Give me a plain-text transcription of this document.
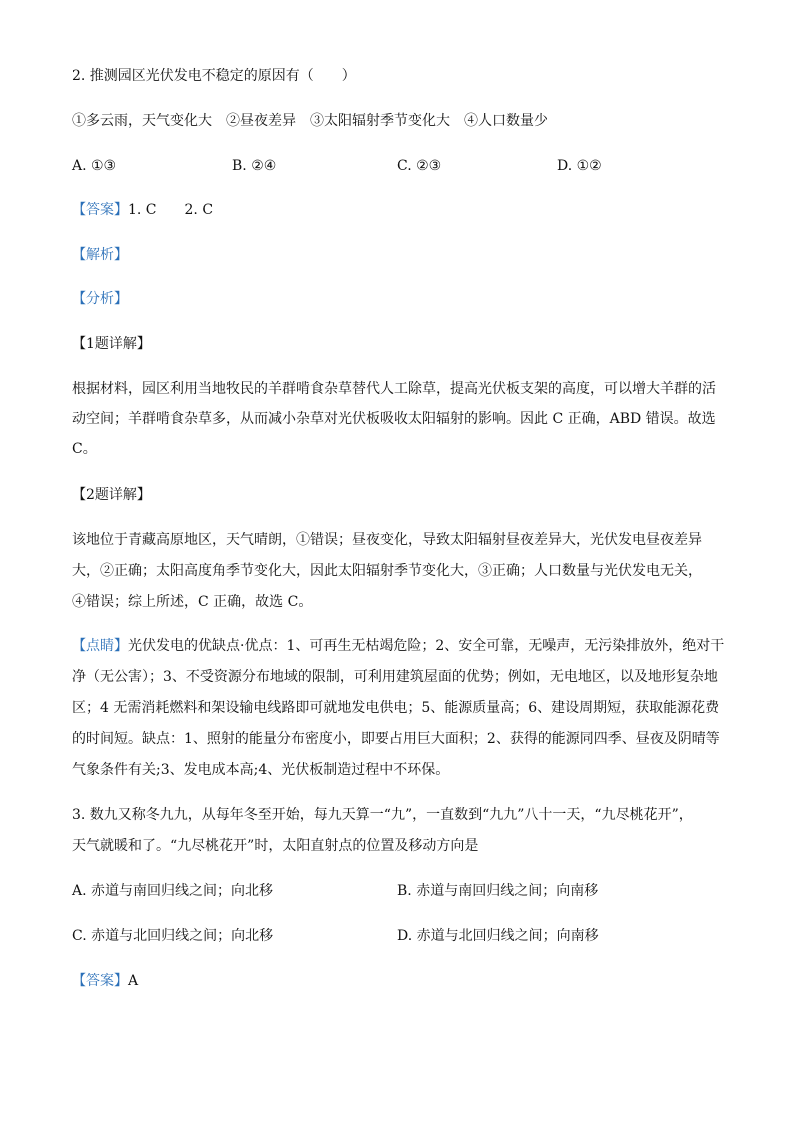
2. 推测园区光伏发电不稳定的原因有（　　）
①多云雨，天气变化大　②昼夜差异　③太阳辐射季节变化大　④人口数量少
A. ①③	B. ②④	C. ②③	D. ①②
【答案】1. C　　2. C
【解析】
【分析】
【1题详解】
根据材料，园区利用当地牧民的羊群啃食杂草替代人工除草，提高光伏板支架的高度，可以增大羊群的活
动空间；羊群啃食杂草多，从而减小杂草对光伏板吸收太阳辐射的影响。因此 C 正确，ABD 错误。故选
C。
【2题详解】
该地位于青藏高原地区，天气晴朗，①错误；昼夜变化，导致太阳辐射昼夜差异大，光伏发电昼夜差异
大，②正确；太阳高度角季节变化大，因此太阳辐射季节变化大，③正确；人口数量与光伏发电无关，
④错误；综上所述，C 正确，故选 C。
【点睛】光伏发电的优缺点·优点：1、可再生无枯竭危险；2、安全可靠，无噪声，无污染排放外，绝对干
净（无公害）；3、不受资源分布地域的限制，可利用建筑屋面的优势；例如，无电地区，以及地形复杂地
区；4 无需消耗燃料和架设输电线路即可就地发电供电；5、能源质量高；6、建设周期短，获取能源花费
的时间短。缺点：1、照射的能量分布密度小，即要占用巨大面积；2、获得的能源同四季、昼夜及阴晴等
气象条件有关;3、发电成本高;4、光伏板制造过程中不环保。
3. 数九又称冬九九，从每年冬至开始，每九天算一“九”，一直数到“九九”八十一天，“九尽桃花开”，
天气就暖和了。“九尽桃花开”时，太阳直射点的位置及移动方向是
A. 赤道与南回归线之间；向北移	B. 赤道与南回归线之间；向南移
C. 赤道与北回归线之间；向北移	D. 赤道与北回归线之间；向南移
【答案】A
